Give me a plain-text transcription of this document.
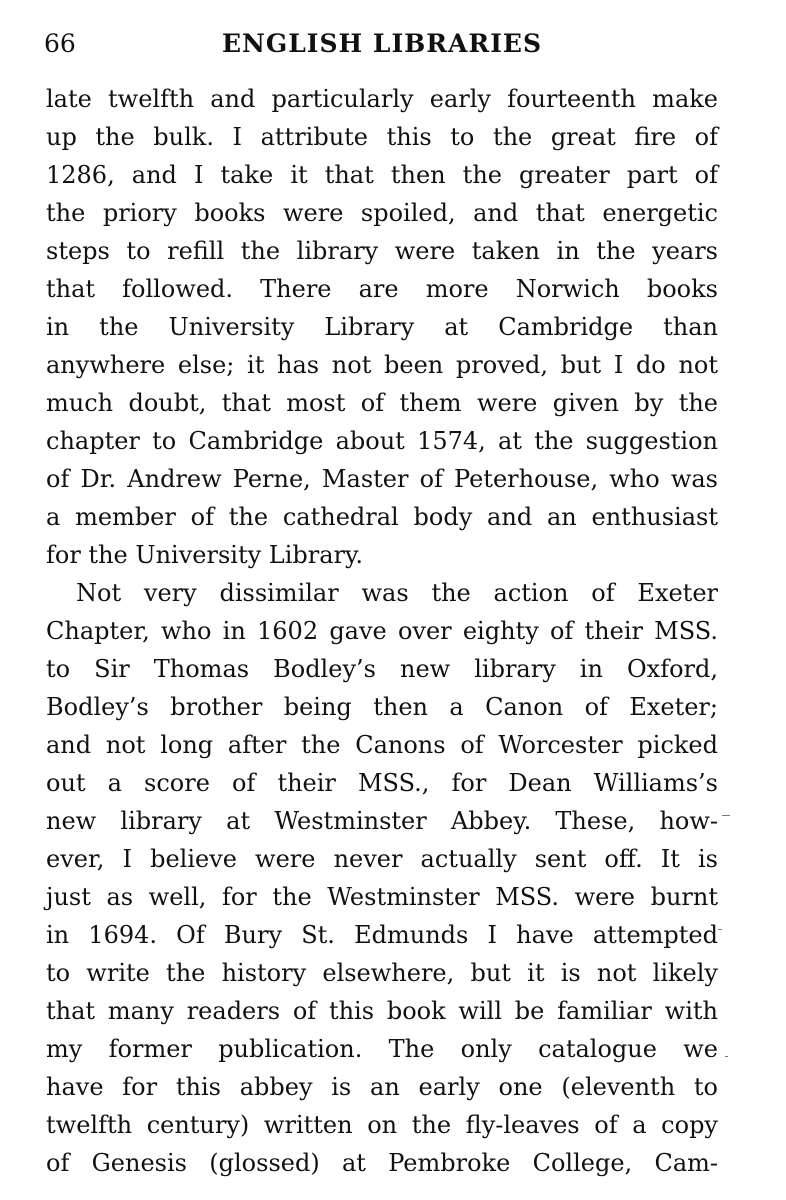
66	ENGLISH LIBRARIES
late twelfth and particularly early fourteenth make
up the bulk. I attribute this to the great fire of
1286, and I take it that then the greater part of
the priory books were spoiled, and that energetic
steps to refill the library were taken in the years
that followed. There are more Norwich books
in the University Library at Cambridge than
anywhere else; it has not been proved, but I do not
much doubt, that most of them were given by the
chapter to Cambridge about 1574, at the suggestion
of Dr. Andrew Perne, Master of Peterhouse, who was
a member of the cathedral body and an enthusiast
for the University Library.
Not very dissimilar was the action of Exeter
Chapter, who in 1602 gave over eighty of their MSS.
to Sir Thomas Bodley’s new library in Oxford,
Bodley’s brother being then a Canon of Exeter;
and not long after the Canons of Worcester picked
out a score of their MSS., for Dean Williams’s
new library at Westminster Abbey. These, how-
ever, I believe were never actually sent off. It is
just as well, for the Westminster MSS. were burnt
in 1694. Of Bury St. Edmunds I have attempted
to write the history elsewhere, but it is not likely
that many readers of this book will be familiar with
my former publication. The only catalogue we
have for this abbey is an early one (eleventh to
twelfth century) written on the fly-leaves of a copy
of Genesis (glossed) at Pembroke College, Cam-
